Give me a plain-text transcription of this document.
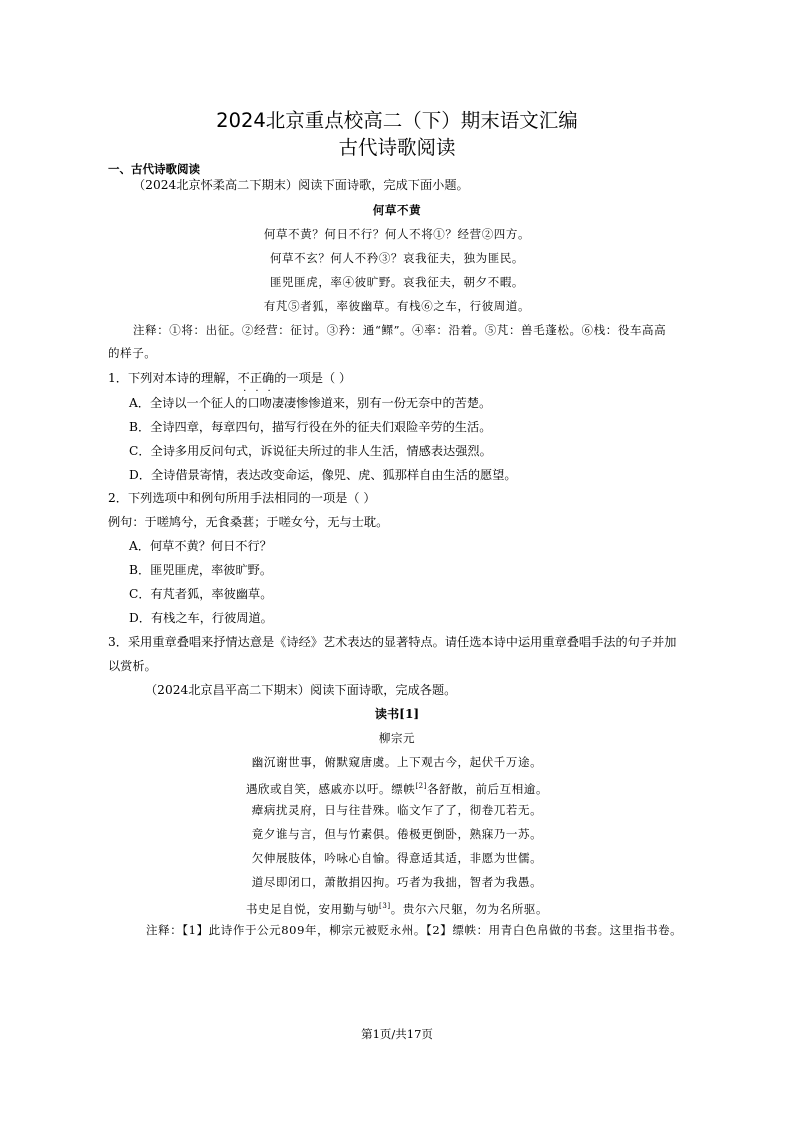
2024北京重点校高二（下）期末语文汇编
古代诗歌阅读
一、古代诗歌阅读
（2024北京怀柔高二下期末）阅读下面诗歌，完成下面小题。
何草不黄
何草不黄？何日不行？何人不将①？经营②四方。
何草不玄？何人不矜③？哀我征夫，独为匪民。
匪兕匪虎，率④彼旷野。哀我征夫，朝夕不暇。
有芃⑤者狐，率彼幽草。有栈⑥之车，行彼周道。
注释：①将：出征。②经营：征讨。③矜：通“鳏”。④率：沿着。⑤芃：兽毛蓬松。⑥栈：役车高高
的样子。
1．下列对本诗的理解，不正确的一项是（ ）
A．全诗以一个征人的口吻凄凄惨惨道来，别有一份无奈中的苦楚。
B．全诗四章，每章四句，描写行役在外的征夫们艰险辛劳的生活。
C．全诗多用反问句式，诉说征夫所过的非人生活，情感表达强烈。
D．全诗借景寄情，表达改变命运，像兕、虎、狐那样自由生活的愿望。
2．下列选项中和例句所用手法相同的一项是（ ）
例句：于嗟鸠兮，无食桑葚；于嗟女兮，无与士耽。
A．何草不黄？何日不行？
B．匪兕匪虎，率彼旷野。
C．有芃者狐，率彼幽草。
D．有栈之车，行彼周道。
3．采用重章叠唱来抒情达意是《诗经》艺术表达的显著特点。请任选本诗中运用重章叠唱手法的句子并加
以赏析。
（2024北京昌平高二下期末）阅读下面诗歌，完成各题。
读书[1]
柳宗元
幽沉谢世事，俯默窥唐虞。上下观古今，起伏千万途。
遇欣或自笑，感戚亦以吁。缥帙[2]各舒散，前后互相逾。
瘴病扰灵府，日与往昔殊。临文乍了了，彻卷兀若无。
竟夕谁与言，但与竹素俱。倦极更倒卧，熟寐乃一苏。
欠伸展肢体，吟咏心自愉。得意适其适，非愿为世儒。
道尽即闭口，萧散捐囚拘。巧者为我拙，智者为我愚。
书史足自悦，安用勤与劬[3]。贵尔六尺躯，勿为名所驱。
注释：【1】此诗作于公元809年，柳宗元被贬永州。【2】缥帙：用青白色帛做的书套。这里指书卷。
第1页/共17页
